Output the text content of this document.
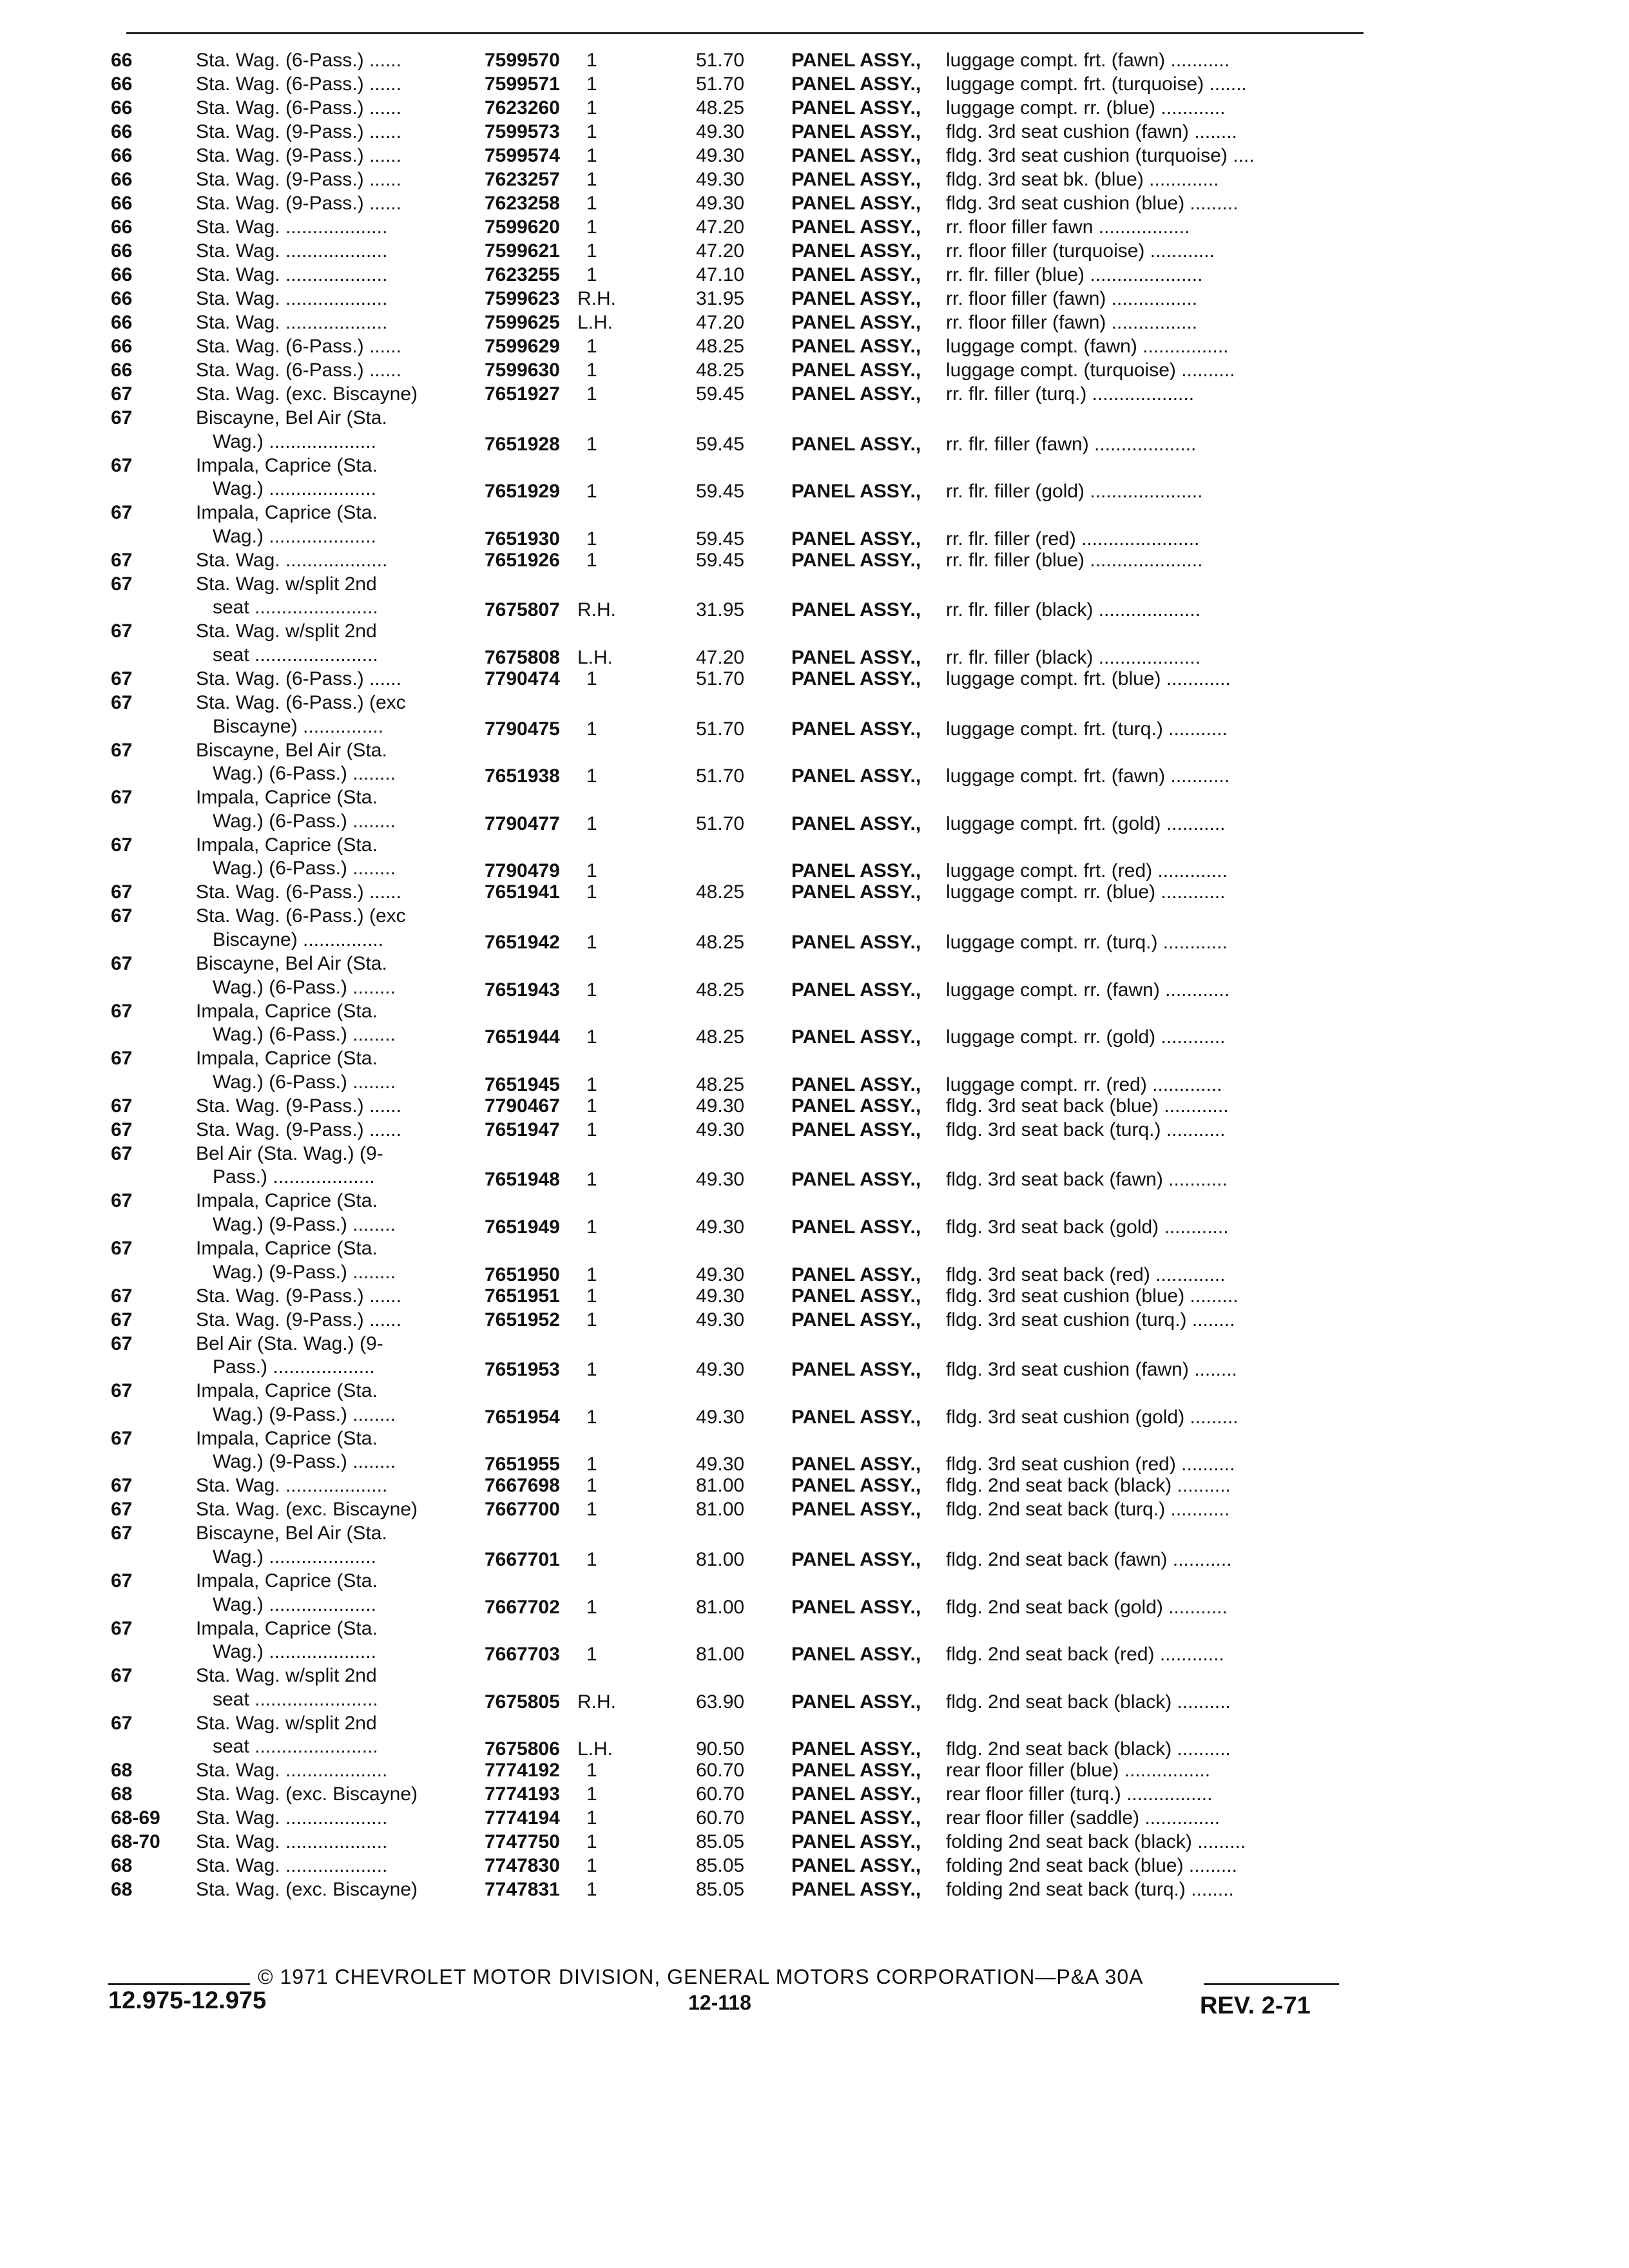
66	Sta. Wag. (6-Pass.) ......	7599570 1	51.70 PANEL ASSY., luggage compt. frt. (fawn) ...........
66	Sta. Wag. (6-Pass.) ......	7599571 1	51.70 PANEL ASSY., luggage compt. frt. (turquoise) .......
66	Sta. Wag. (6-Pass.) ......	7623260 1	48.25 PANEL ASSY., luggage compt. rr. (blue) ............
66	Sta. Wag. (9-Pass.) ......	7599573 1	49.30 PANEL ASSY., fldg. 3rd seat cushion (fawn) ........
66	Sta. Wag. (9-Pass.) ......	7599574 1	49.30 PANEL ASSY., fldg. 3rd seat cushion (turquoise) ....
66	Sta. Wag. (9-Pass.) ......	7623257 1	49.30 PANEL ASSY., fldg. 3rd seat bk. (blue) .............
66	Sta. Wag. (9-Pass.) ......	7623258 1	49.30 PANEL ASSY., fldg. 3rd seat cushion (blue) .........
66	Sta. Wag. ...................	7599620 1	47.20 PANEL ASSY., rr. floor filler fawn .................
66	Sta. Wag. ...................	7599621 1	47.20 PANEL ASSY., rr. floor filler (turquoise) ............
66	Sta. Wag. ...................	7623255 1	47.10 PANEL ASSY., rr. flr. filler (blue) .....................
66	Sta. Wag. ...................	7599623 R.H.	31.95 PANEL ASSY., rr. floor filler (fawn) ................
66	Sta. Wag. ...................	7599625 L.H.	47.20 PANEL ASSY., rr. floor filler (fawn) ................
66	Sta. Wag. (6-Pass.) ......	7599629 1	48.25 PANEL ASSY., luggage compt. (fawn) ................
66	Sta. Wag. (6-Pass.) ......	7599630 1	48.25 PANEL ASSY., luggage compt. (turquoise) ..........
67	Sta. Wag. (exc. Biscayne)	7651927 1	59.45 PANEL ASSY., rr. flr. filler (turq.) ...................
67	Biscayne, Bel Air (Sta.
Wag.) ....................	7651928 1	59.45 PANEL ASSY., rr. flr. filler (fawn) ...................
67	Impala, Caprice (Sta.
Wag.) ....................	7651929 1	59.45 PANEL ASSY., rr. flr. filler (gold) .....................
67	Impala, Caprice (Sta.
Wag.) ....................	7651930 1	59.45 PANEL ASSY., rr. flr. filler (red) ......................
67	Sta. Wag. ...................	7651926 1	59.45 PANEL ASSY., rr. flr. filler (blue) .....................
67	Sta. Wag. w/split 2nd
seat .......................	7675807 R.H.	31.95 PANEL ASSY., rr. flr. filler (black) ...................
67	Sta. Wag. w/split 2nd
seat .......................	7675808 L.H.	47.20 PANEL ASSY., rr. flr. filler (black) ...................
67	Sta. Wag. (6-Pass.) ......	7790474 1	51.70 PANEL ASSY., luggage compt. frt. (blue) ............
67	Sta. Wag. (6-Pass.) (exc
Biscayne) ...............	7790475 1	51.70 PANEL ASSY., luggage compt. frt. (turq.) ...........
67	Biscayne, Bel Air (Sta.
Wag.) (6-Pass.) ........	7651938 1	51.70 PANEL ASSY., luggage compt. frt. (fawn) ...........
67	Impala, Caprice (Sta.
Wag.) (6-Pass.) ........	7790477 1	51.70 PANEL ASSY., luggage compt. frt. (gold) ...........
67	Impala, Caprice (Sta.
Wag.) (6-Pass.) ........	7790479 1	PANEL ASSY., luggage compt. frt. (red) .............
67	Sta. Wag. (6-Pass.) ......	7651941 1	48.25 PANEL ASSY., luggage compt. rr. (blue) ............
67	Sta. Wag. (6-Pass.) (exc
Biscayne) ...............	7651942 1	48.25 PANEL ASSY., luggage compt. rr. (turq.) ............
67	Biscayne, Bel Air (Sta.
Wag.) (6-Pass.) ........	7651943 1	48.25 PANEL ASSY., luggage compt. rr. (fawn) ............
67	Impala, Caprice (Sta.
Wag.) (6-Pass.) ........	7651944 1	48.25 PANEL ASSY., luggage compt. rr. (gold) ............
67	Impala, Caprice (Sta.
Wag.) (6-Pass.) ........	7651945 1	48.25 PANEL ASSY., luggage compt. rr. (red) .............
67	Sta. Wag. (9-Pass.) ......	7790467 1	49.30 PANEL ASSY., fldg. 3rd seat back (blue) ............
67	Sta. Wag. (9-Pass.) ......	7651947 1	49.30 PANEL ASSY., fldg. 3rd seat back (turq.) ...........
67	Bel Air (Sta. Wag.) (9-
Pass.) ...................	7651948 1	49.30 PANEL ASSY., fldg. 3rd seat back (fawn) ...........
67	Impala, Caprice (Sta.
Wag.) (9-Pass.) ........	7651949 1	49.30 PANEL ASSY., fldg. 3rd seat back (gold) ............
67	Impala, Caprice (Sta.
Wag.) (9-Pass.) ........	7651950 1	49.30 PANEL ASSY., fldg. 3rd seat back (red) .............
67	Sta. Wag. (9-Pass.) ......	7651951 1	49.30 PANEL ASSY., fldg. 3rd seat cushion (blue) .........
67	Sta. Wag. (9-Pass.) ......	7651952 1	49.30 PANEL ASSY., fldg. 3rd seat cushion (turq.) ........
67	Bel Air (Sta. Wag.) (9-
Pass.) ...................	7651953 1	49.30 PANEL ASSY., fldg. 3rd seat cushion (fawn) ........
67	Impala, Caprice (Sta.
Wag.) (9-Pass.) ........	7651954 1	49.30 PANEL ASSY., fldg. 3rd seat cushion (gold) .........
67	Impala, Caprice (Sta.
Wag.) (9-Pass.) ........	7651955 1	49.30 PANEL ASSY., fldg. 3rd seat cushion (red) ..........
67	Sta. Wag. ...................	7667698 1	81.00 PANEL ASSY., fldg. 2nd seat back (black) ..........
67	Sta. Wag. (exc. Biscayne)	7667700 1	81.00 PANEL ASSY., fldg. 2nd seat back (turq.) ...........
67	Biscayne, Bel Air (Sta.
Wag.) ....................	7667701 1	81.00 PANEL ASSY., fldg. 2nd seat back (fawn) ...........
67	Impala, Caprice (Sta.
Wag.) ....................	7667702 1	81.00 PANEL ASSY., fldg. 2nd seat back (gold) ...........
67	Impala, Caprice (Sta.
Wag.) ....................	7667703 1	81.00 PANEL ASSY., fldg. 2nd seat back (red) ............
67	Sta. Wag. w/split 2nd
seat .......................	7675805 R.H.	63.90 PANEL ASSY., fldg. 2nd seat back (black) ..........
67	Sta. Wag. w/split 2nd
seat .......................	7675806 L.H.	90.50 PANEL ASSY., fldg. 2nd seat back (black) ..........
68	Sta. Wag. ...................	7774192 1	60.70 PANEL ASSY., rear floor filler (blue) ................
68	Sta. Wag. (exc. Biscayne)	7774193 1	60.70 PANEL ASSY., rear floor filler (turq.) ................
68-69 Sta. Wag. ...................	7774194 1	60.70 PANEL ASSY., rear floor filler (saddle) ..............
68-70 Sta. Wag. ...................	7747750 1	85.05 PANEL ASSY., folding 2nd seat back (black) .........
68	Sta. Wag. ...................	7747830 1	85.05 PANEL ASSY., folding 2nd seat back (blue) .........
68	Sta. Wag. (exc. Biscayne)	7747831 1	85.05 PANEL ASSY., folding 2nd seat back (turq.) ........
© 1971 CHEVROLET MOTOR DIVISION, GENERAL MOTORS CORPORATION—P&A 30A
12.975-12.975	12-118	REV. 2-71
